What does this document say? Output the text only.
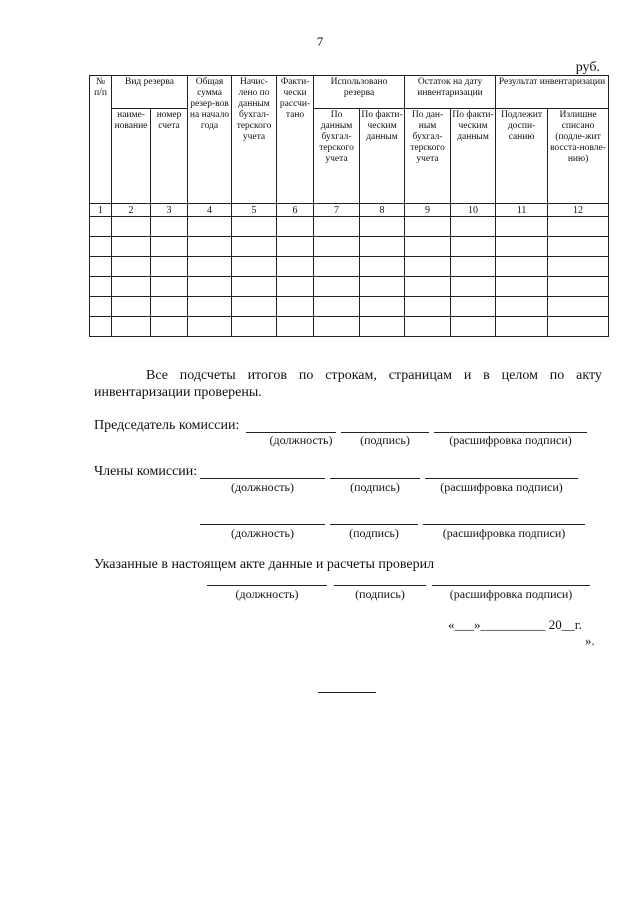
7
руб.
№ п/п	Вид резерва		Общая сумма резер-вов на начало года	Начис-лено по данным бухгал-терского учета	Факти-чески рассчи-тано	Использовано резерва		Остаток на дату инвентаризации		Результат инвентаризации	
	наиме-нование	номер счета				По данным бухгал-терского учета	По факти-ческим данным	По дан-ным бухгал-терского учета	По факти-ческим данным	Подлежит доспи-санию	Излишне списано (подле-жит восста-новле-нию)
1	2	3	4	5	6	7	8	9	10	11	12

Все подсчеты итогов по строкам, страницам и в целом по акту
инвентаризации проверены.
Председатель комиссии:
(должность)	(подпись)	(расшифровка подписи)
Члены комиссии:
(должность)	(подпись)	(расшифровка подписи)
(должность)	(подпись)	(расшифровка подписи)
Указанные в настоящем акте данные и расчеты проверил
(должность)	(подпись)	(расшифровка подписи)
«___»__________ 20__г.
».
